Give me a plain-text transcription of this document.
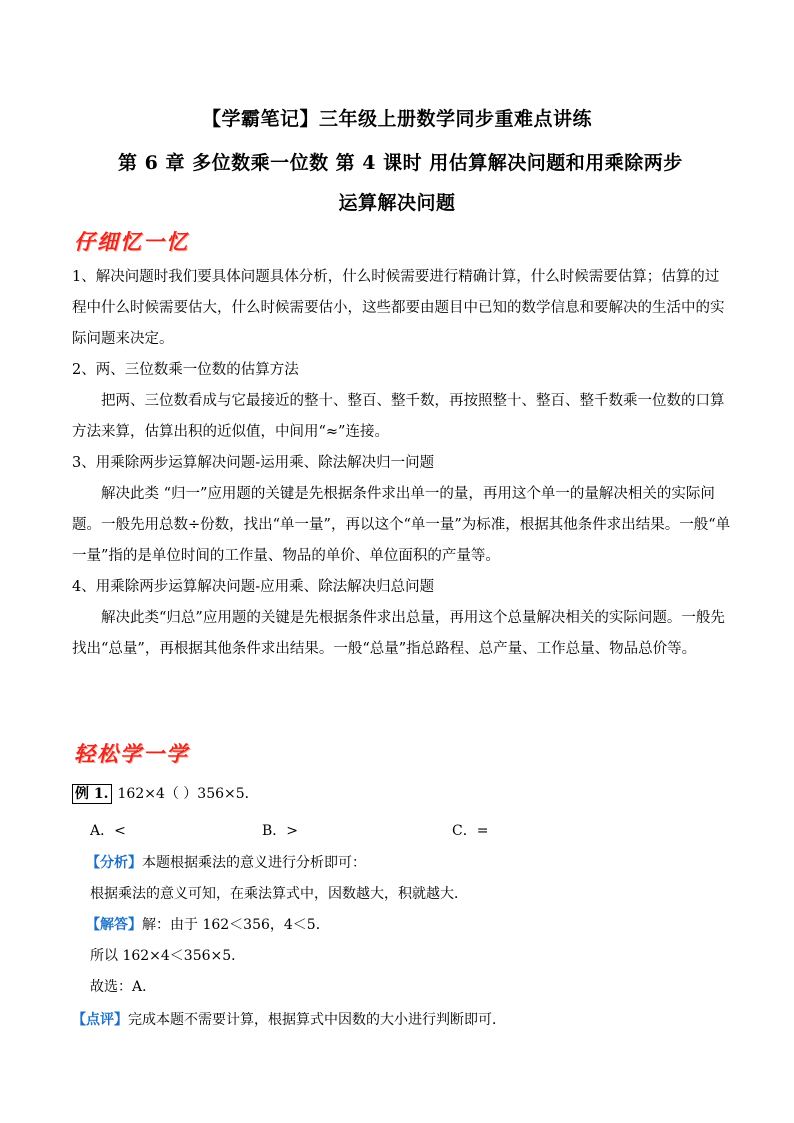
【学霸笔记】三年级上册数学同步重难点讲练
第 6 章 多位数乘一位数 第 4 课时 用估算解决问题和用乘除两步
运算解决问题
仔细忆一忆

1、解决问题时我们要具体问题具体分析，什么时候需要进行精确计算，什么时候需要估算；估算的过程中什么时候需要估大，什么时候需要估小，这些都要由题目中已知的数学信息和要解决的生活中的实际问题来决定。

2、两、三位数乘一位数的估算方法

把两、三位数看成与它最接近的整十、整百、整千数，再按照整十、整百、整千数乘一位数的口算方法来算，估算出积的近似值，中间用“≈”连接。

3、用乘除两步运算解决问题-运用乘、除法解决归一问题

解决此类 “归一”应用题的关键是先根据条件求出单一的量，再用这个单一的量解决相关的实际问题。一般先用总数÷份数，找出“单一量”，再以这个“单一量”为标准，根据其他条件求出结果。一般“单一量”指的是单位时间的工作量、物品的单价、单位面积的产量等。

4、用乘除两步运算解决问题-应用乘、除法解决归总问题

解决此类“归总”应用题的关键是先根据条件求出总量，再用这个总量解决相关的实际问题。一般先找出“总量”，再根据其他条件求出结果。一般“总量”指总路程、总产量、工作总量、物品总价等。

轻松学一学
例 1. 162×4（ ）356×5．
A．<	B．>	C．=
【分析】本题根据乘法的意义进行分析即可：
根据乘法的意义可知，在乘法算式中，因数越大，积就越大．
【解答】解：由于 162＜356，4＜5．
所以 162×4＜356×5．
故选：A．
【点评】完成本题不需要计算，根据算式中因数的大小进行判断即可．
